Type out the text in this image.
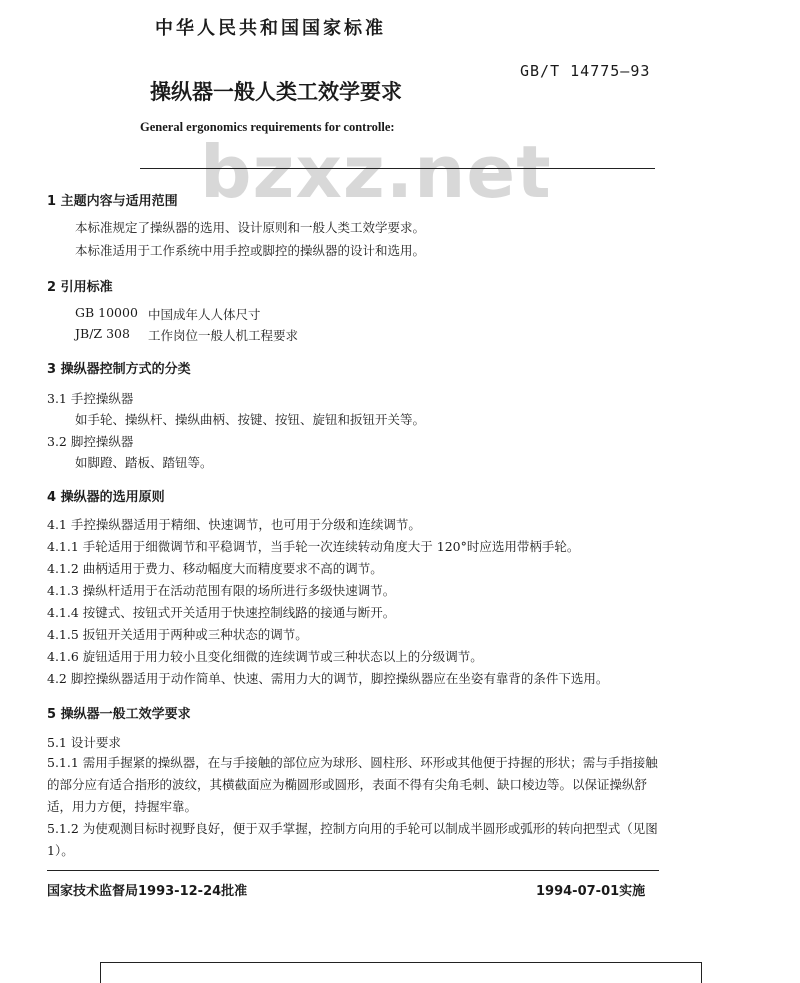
中华人民共和国国家标准
操纵器一般人类工效学要求
GB/T 14775—93
General ergonomics requirements for controlle:
bzxz.net
1 主题内容与适用范围
本标准规定了操纵器的选用、设计原则和一般人类工效学要求。
本标准适用于工作系统中用手控或脚控的操纵器的设计和选用。
2 引用标准
GB 10000 中国成年人人体尺寸
JB/Z 308 工作岗位一般人机工程要求
3 操纵器控制方式的分类
3.1 手控操纵器
如手轮、操纵杆、操纵曲柄、按键、按钮、旋钮和扳钮开关等。
3.2 脚控操纵器
如脚蹬、踏板、踏钮等。
4 操纵器的选用原则
4.1 手控操纵器适用于精细、快速调节，也可用于分级和连续调节。
4.1.1 手轮适用于细微调节和平稳调节，当手轮一次连续转动角度大于 120°时应选用带柄手轮。
4.1.2 曲柄适用于费力、移动幅度大而精度要求不高的调节。
4.1.3 操纵杆适用于在活动范围有限的场所进行多级快速调节。
4.1.4 按键式、按钮式开关适用于快速控制线路的接通与断开。
4.1.5 扳钮开关适用于两种或三种状态的调节。
4.1.6 旋钮适用于用力较小且变化细微的连续调节或三种状态以上的分级调节。
4.2 脚控操纵器适用于动作简单、快速、需用力大的调节，脚控操纵器应在坐姿有靠背的条件下选用。
5 操纵器一般工效学要求
5.1 设计要求
5.1.1 需用手握紧的操纵器，在与手接触的部位应为球形、圆柱形、环形或其他便于持握的形状；需与手指接触的部分应有适合指形的波纹，其横截面应为椭圆形或圆形，表面不得有尖角毛刺、缺口棱边等。以保证操纵舒适，用力方便，持握牢靠。
5.1.2 为使观测目标时视野良好，便于双手掌握，控制方向用的手轮可以制成半圆形或弧形的转向把型式（见图 1）。
国家技术监督局1993-12-24批准	1994-07-01实施
